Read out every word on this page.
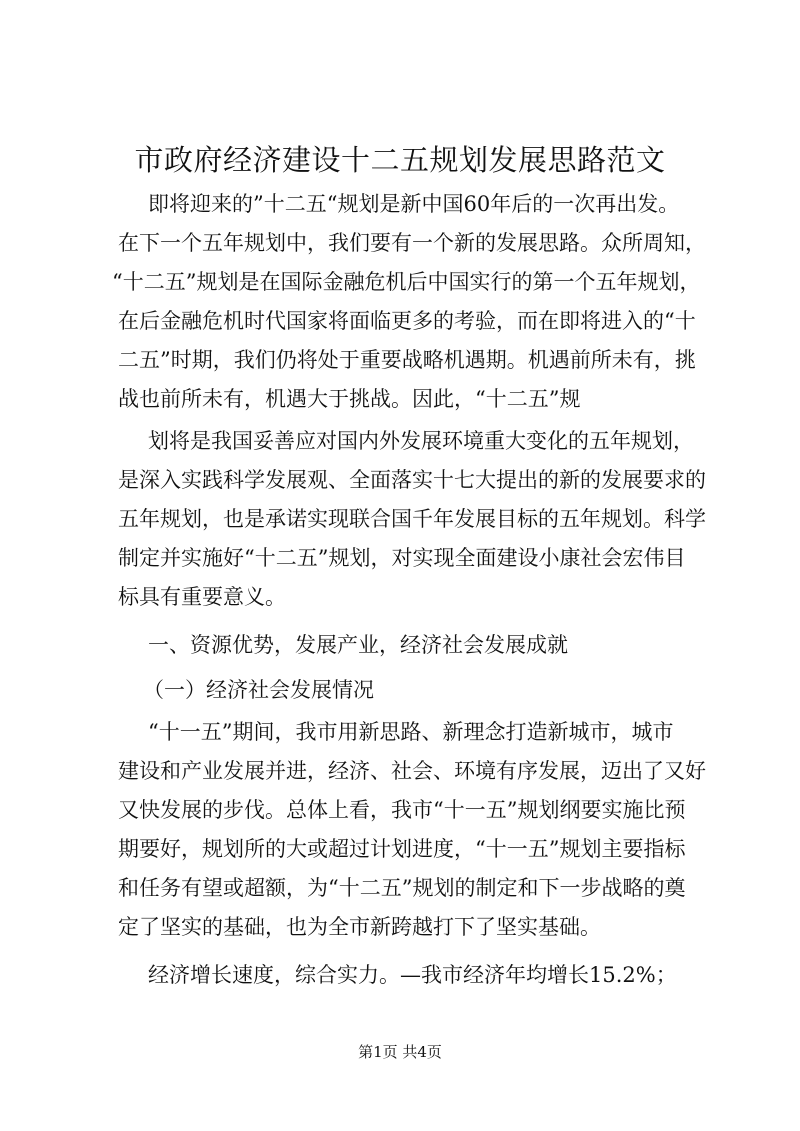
市政府经济建设十二五规划发展思路范文

即将迎来的”十二五“规划是新中国60年后的一次再出发。

在下一个五年规划中，我们要有一个新的发展思路。众所周知，

“十二五”规划是在国际金融危机后中国实行的第一个五年规划，

在后金融危机时代国家将面临更多的考验，而在即将进入的“十

二五”时期，我们仍将处于重要战略机遇期。机遇前所未有，挑

战也前所未有，机遇大于挑战。因此，“十二五”规

划将是我国妥善应对国内外发展环境重大变化的五年规划，

是深入实践科学发展观、全面落实十七大提出的新的发展要求的

五年规划，也是承诺实现联合国千年发展目标的五年规划。科学

制定并实施好“十二五”规划，对实现全面建设小康社会宏伟目

标具有重要意义。

一、资源优势，发展产业，经济社会发展成就

（一）经济社会发展情况

“十一五”期间，我市用新思路、新理念打造新城市，城市

建设和产业发展并进，经济、社会、环境有序发展，迈出了又好

又快发展的步伐。总体上看，我市“十一五”规划纲要实施比预

期要好，规划所的大或超过计划进度，“十一五”规划主要指标

和任务有望或超额，为“十二五”规划的制定和下一步战略的奠

定了坚实的基础，也为全市新跨越打下了坚实基础。

经济增长速度，综合实力。—我市经济年均增长15.2%；

第1页 共4页
